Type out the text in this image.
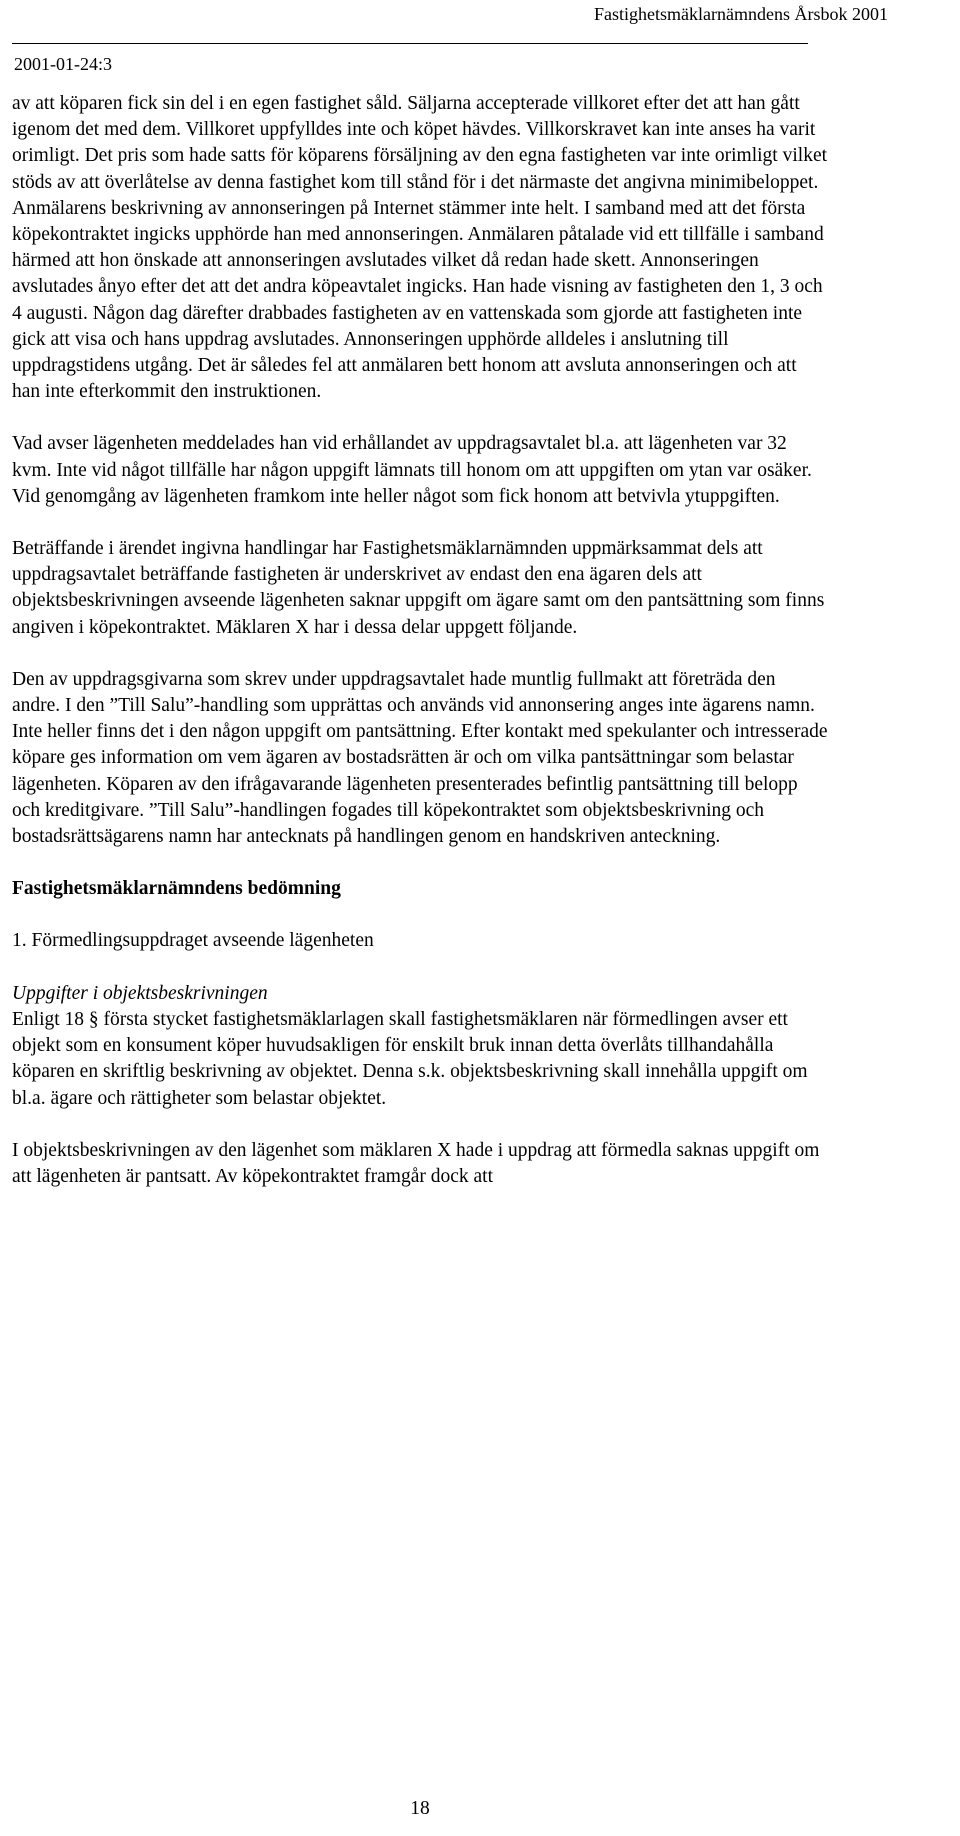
Fastighetsmäklarnämndens Årsbok 2001
2001-01-24:3

av att köparen fick sin del i en egen fastighet såld. Säljarna accepterade villkoret efter det att han gått igenom det med dem. Villkoret uppfylldes inte och köpet hävdes. Villkorskravet kan inte anses ha varit orimligt. Det pris som hade satts för köparens försäljning av den egna fastigheten var inte orimligt vilket stöds av att överlåtelse av denna fastighet kom till stånd för i det närmaste det angivna minimibeloppet. Anmälarens beskrivning av annonseringen på Internet stämmer inte helt. I samband med att det första köpekontraktet ingicks upphörde han med annonseringen. Anmälaren påtalade vid ett tillfälle i samband härmed att hon önskade att annonseringen avslutades vilket då redan hade skett. Annonseringen avslutades ånyo efter det att det andra köpeavtalet ingicks. Han hade visning av fastigheten den 1, 3 och 4 augusti. Någon dag därefter drabbades fastigheten av en vattenskada som gjorde att fastigheten inte gick att visa och hans uppdrag avslutades. Annonseringen upphörde alldeles i anslutning till uppdragstidens utgång. Det är således fel att anmälaren bett honom att avsluta annonseringen och att han inte efterkommit den instruktionen.

Vad avser lägenheten meddelades han vid erhållandet av uppdragsavtalet bl.a. att lägenheten var 32 kvm. Inte vid något tillfälle har någon uppgift lämnats till honom om att uppgiften om ytan var osäker. Vid genomgång av lägenheten framkom inte heller något som fick honom att betvivla ytuppgiften.

Beträffande i ärendet ingivna handlingar har Fastighetsmäklarnämnden uppmärksammat dels att uppdragsavtalet beträffande fastigheten är underskrivet av endast den ena ägaren dels att objektsbeskrivningen avseende lägenheten saknar uppgift om ägare samt om den pantsättning som finns angiven i köpekontraktet. Mäklaren X har i dessa delar uppgett följande.

Den av uppdragsgivarna som skrev under uppdragsavtalet hade muntlig fullmakt att företräda den andre. I den ”Till Salu”-handling som upprättas och används vid annonsering anges inte ägarens namn. Inte heller finns det i den någon uppgift om pantsättning. Efter kontakt med spekulanter och intresserade köpare ges information om vem ägaren av bostadsrätten är och om vilka pantsättningar som belastar lägenheten. Köparen av den ifrågavarande lägenheten presenterades befintlig pantsättning till belopp och kreditgivare. ”Till Salu”-handlingen fogades till köpekontraktet som objektsbeskrivning och bostadsrättsägarens namn har antecknats på handlingen genom en handskriven anteckning.

Fastighetsmäklarnämndens bedömning

1. Förmedlingsuppdraget avseende lägenheten

Uppgifter i objektsbeskrivningen

Enligt 18 § första stycket fastighetsmäklarlagen skall fastighetsmäklaren när förmedlingen avser ett objekt som en konsument köper huvudsakligen för enskilt bruk innan detta överlåts tillhandahålla köparen en skriftlig beskrivning av objektet. Denna s.k. objektsbeskrivning skall innehålla uppgift om bl.a. ägare och rättigheter som belastar objektet.

I objektsbeskrivningen av den lägenhet som mäklaren X hade i uppdrag att förmedla saknas uppgift om att lägenheten är pantsatt. Av köpekontraktet framgår dock att

18
